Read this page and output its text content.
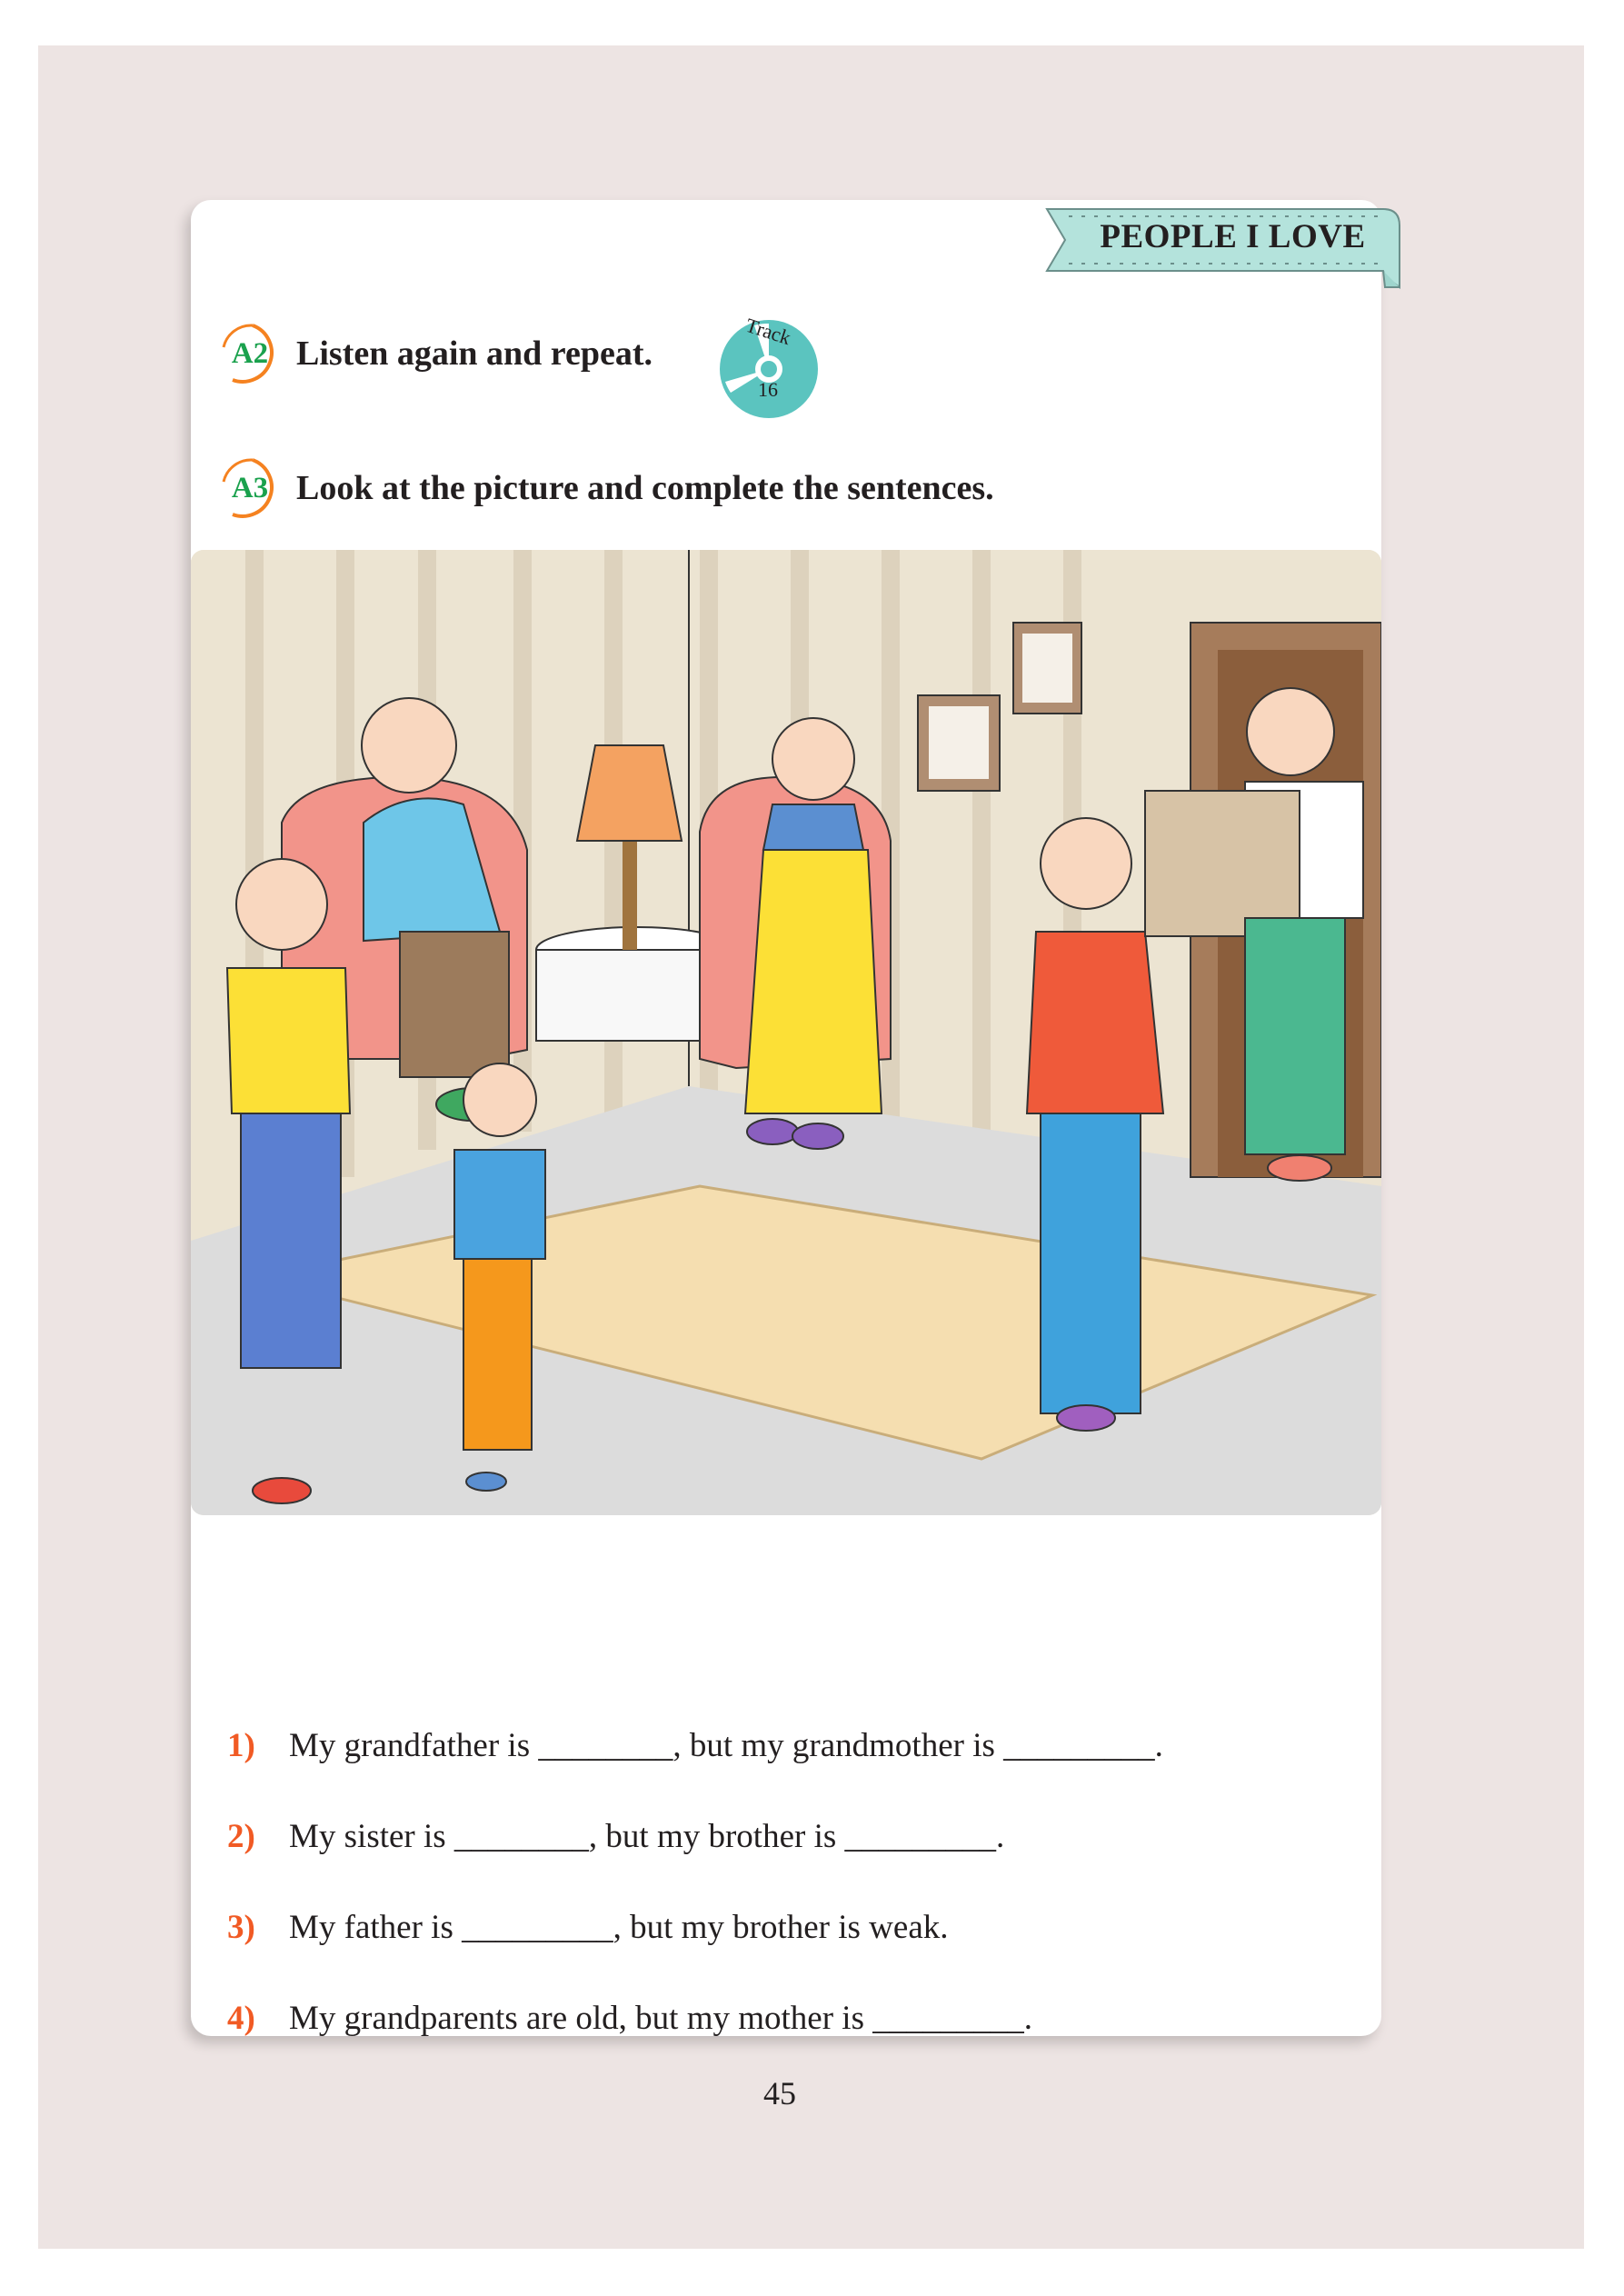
PEOPLE I LOVE
A2 Listen again and repeat.
Track
16
A3 Look at the picture and complete the sentences.
strong
heavy
young
thin
tall
short
1)	My grandfather is ________, but my grandmother is _________.
2)	My sister is ________, but my brother is _________.
3)	My father is _________, but my brother is weak.
4)	My grandparents are old, but my mother is _________.
45
